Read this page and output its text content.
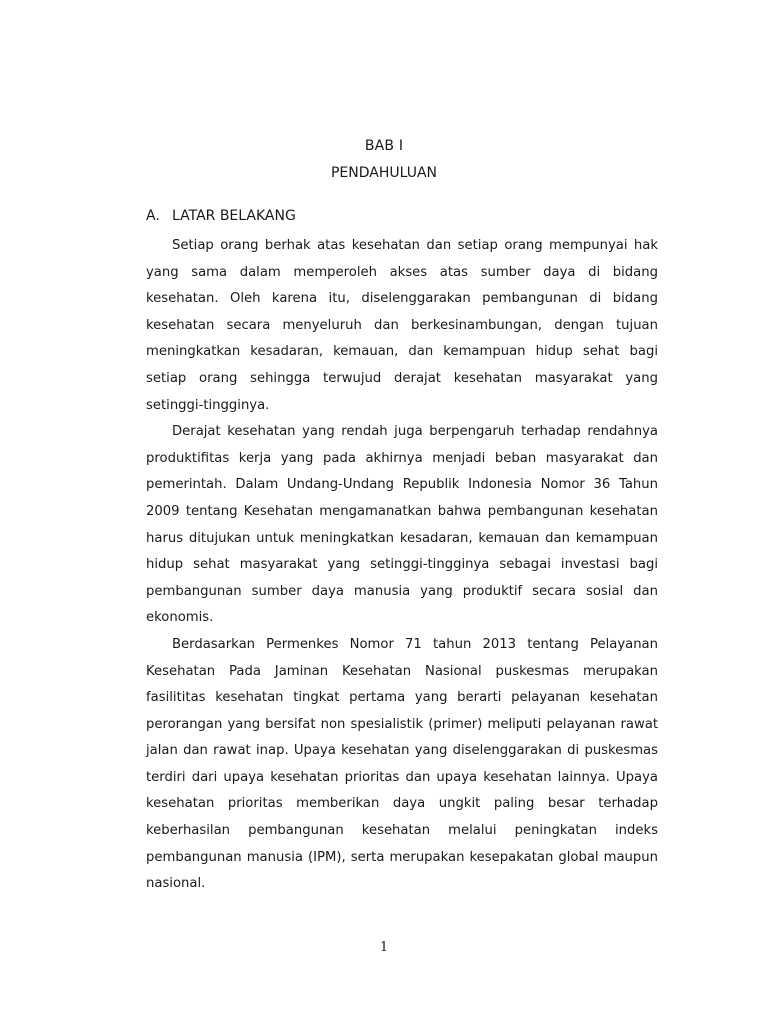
BAB I
PENDAHULUAN
A. LATAR BELAKANG

Setiap orang berhak atas kesehatan dan setiap orang mempunyai hak yang sama dalam memperoleh akses atas sumber daya di bidang kesehatan. Oleh karena itu, diselenggarakan pembangunan di bidang kesehatan secara menyeluruh dan berkesinambungan, dengan tujuan meningkatkan kesadaran, kemauan, dan kemampuan hidup sehat bagi setiap orang sehingga terwujud derajat kesehatan masyarakat yang setinggi-tingginya.

Derajat kesehatan yang rendah juga berpengaruh terhadap rendahnya produktifitas kerja yang pada akhirnya menjadi beban masyarakat dan pemerintah. Dalam Undang-Undang Republik Indonesia Nomor 36 Tahun 2009 tentang Kesehatan mengamanatkan bahwa pembangunan kesehatan harus ditujukan untuk meningkatkan kesadaran, kemauan dan kemampuan hidup sehat masyarakat yang setinggi-tingginya sebagai investasi bagi pembangunan sumber daya manusia yang produktif secara sosial dan ekonomis.

Berdasarkan Permenkes Nomor 71 tahun 2013 tentang Pelayanan Kesehatan Pada Jaminan Kesehatan Nasional puskesmas merupakan fasilititas kesehatan tingkat pertama yang berarti pelayanan kesehatan perorangan yang bersifat non spesialistik (primer) meliputi pelayanan rawat jalan dan rawat inap. Upaya kesehatan yang diselenggarakan di puskesmas terdiri dari upaya kesehatan prioritas dan upaya kesehatan lainnya. Upaya kesehatan prioritas memberikan daya ungkit paling besar terhadap keberhasilan pembangunan kesehatan melalui peningkatan indeks pembangunan manusia (IPM), serta merupakan kesepakatan global maupun nasional.

1
